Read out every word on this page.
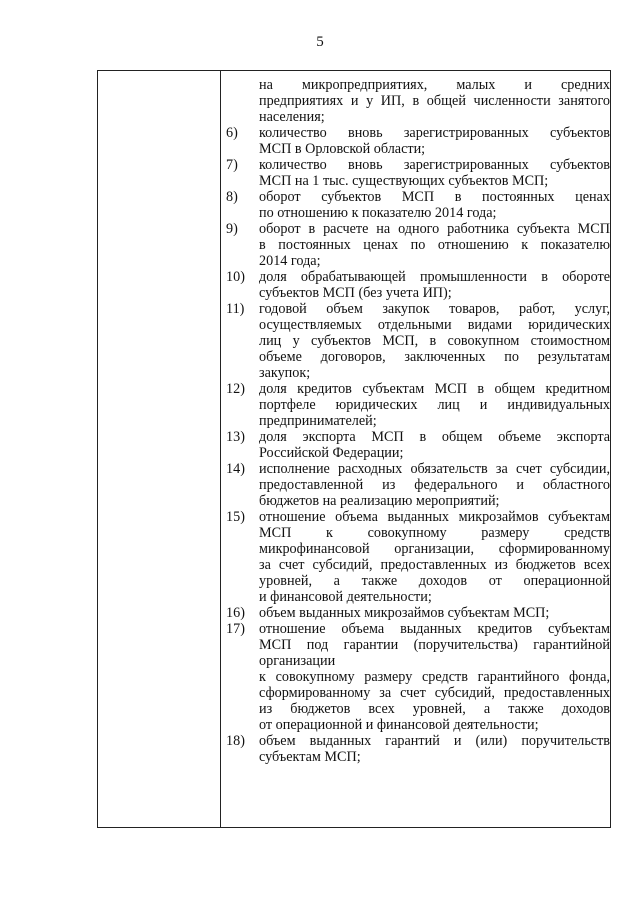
5
на микропредприятиях, малых и средних
предприятиях и у ИП, в общей численности занятого
населения;
6)	количество вновь зарегистрированных субъектов
МСП в Орловской области;
7)	количество вновь зарегистрированных субъектов
МСП на 1 тыс. существующих субъектов МСП;
8)	оборот субъектов МСП в постоянных ценах
по отношению к показателю 2014 года;
9)	оборот в расчете на одного работника субъекта МСП
в постоянных ценах по отношению к показателю
2014 года;
10) доля обрабатывающей промышленности в обороте
субъектов МСП (без учета ИП);
11)	годовой объем закупок товаров, работ, услуг,
осуществляемых отдельными видами юридических
лиц у субъектов МСП, в совокупном стоимостном
объеме договоров, заключенных по результатам
закупок;
12) доля кредитов субъектам МСП в общем кредитном
портфеле юридических лиц и индивидуальных
предпринимателей;
13) доля экспорта МСП в общем объеме экспорта
Российской Федерации;
14) исполнение расходных обязательств за счет субсидии,
предоставленной из федерального и областного
бюджетов на реализацию мероприятий;
15) отношение объема выданных микрозаймов субъектам
МСП к совокупному размеру средств
микрофинансовой организации, сформированному
за счет субсидий, предоставленных из бюджетов всех
уровней, а также доходов от операционной
и финансовой деятельности;
16) объем выданных микрозаймов субъектам МСП;
17) отношение объема выданных кредитов субъектам
МСП под гарантии (поручительства) гарантийной
организации
к совокупному размеру средств гарантийного фонда,
сформированному за счет субсидий, предоставленных
из бюджетов всех уровней, а также доходов
от операционной и финансовой деятельности;
18) объем выданных гарантий и (или) поручительств
субъектам МСП;
